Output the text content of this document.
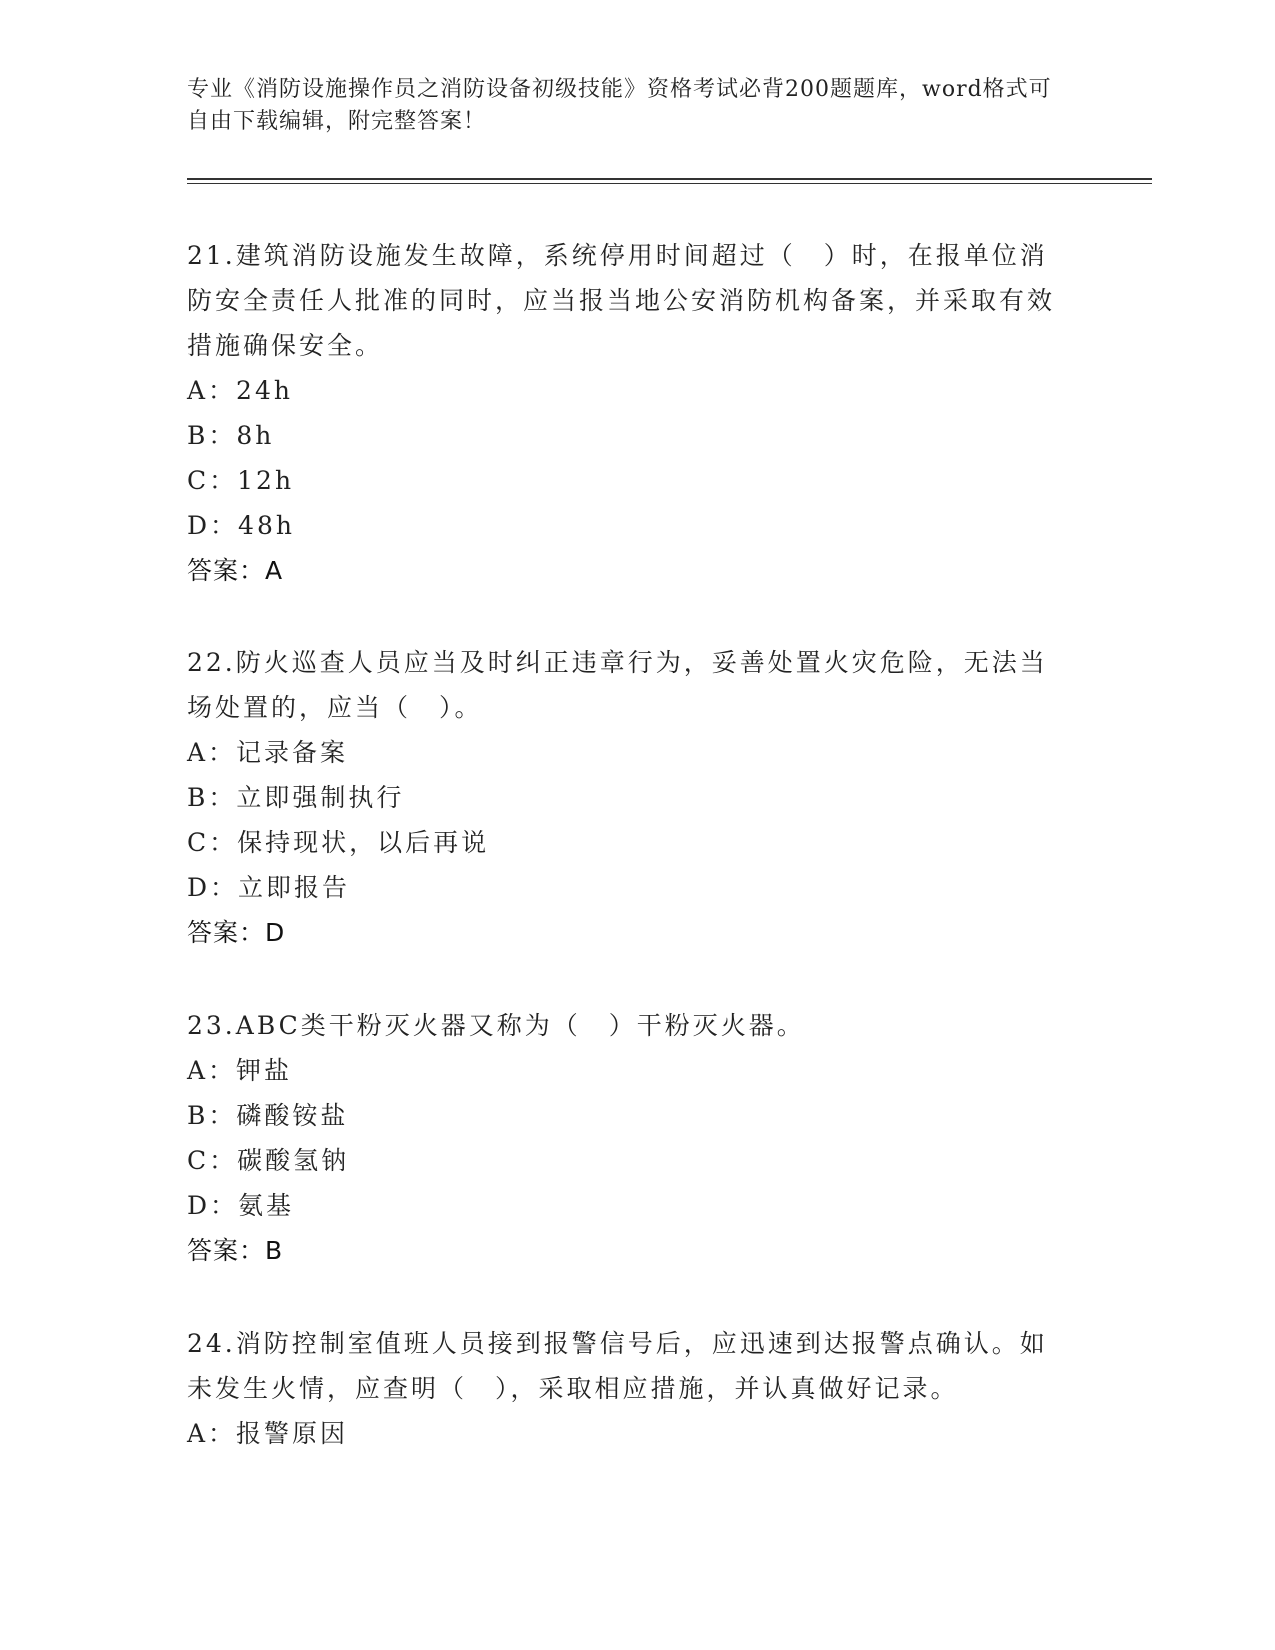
专业《消防设施操作员之消防设备初级技能》资格考试必背200题题库，word格式可自由下载编辑，附完整答案！

21.建筑消防设施发生故障，系统停用时间超过（　）时，在报单位消防安全责任人批准的同时，应当报当地公安消防机构备案，并采取有效措施确保安全。

A：24h

B：8h

C：12h

D：48h

答案：A

22.防火巡查人员应当及时纠正违章行为，妥善处置火灾危险，无法当场处置的，应当（　）。

A：记录备案

B：立即强制执行

C：保持现状，以后再说

D：立即报告

答案：D

23.ABC类干粉灭火器又称为（　）干粉灭火器。

A：钾盐

B：磷酸铵盐

C：碳酸氢钠

D：氨基

答案：B

24.消防控制室值班人员接到报警信号后，应迅速到达报警点确认。如未发生火情，应查明（　），采取相应措施，并认真做好记录。

A：报警原因
